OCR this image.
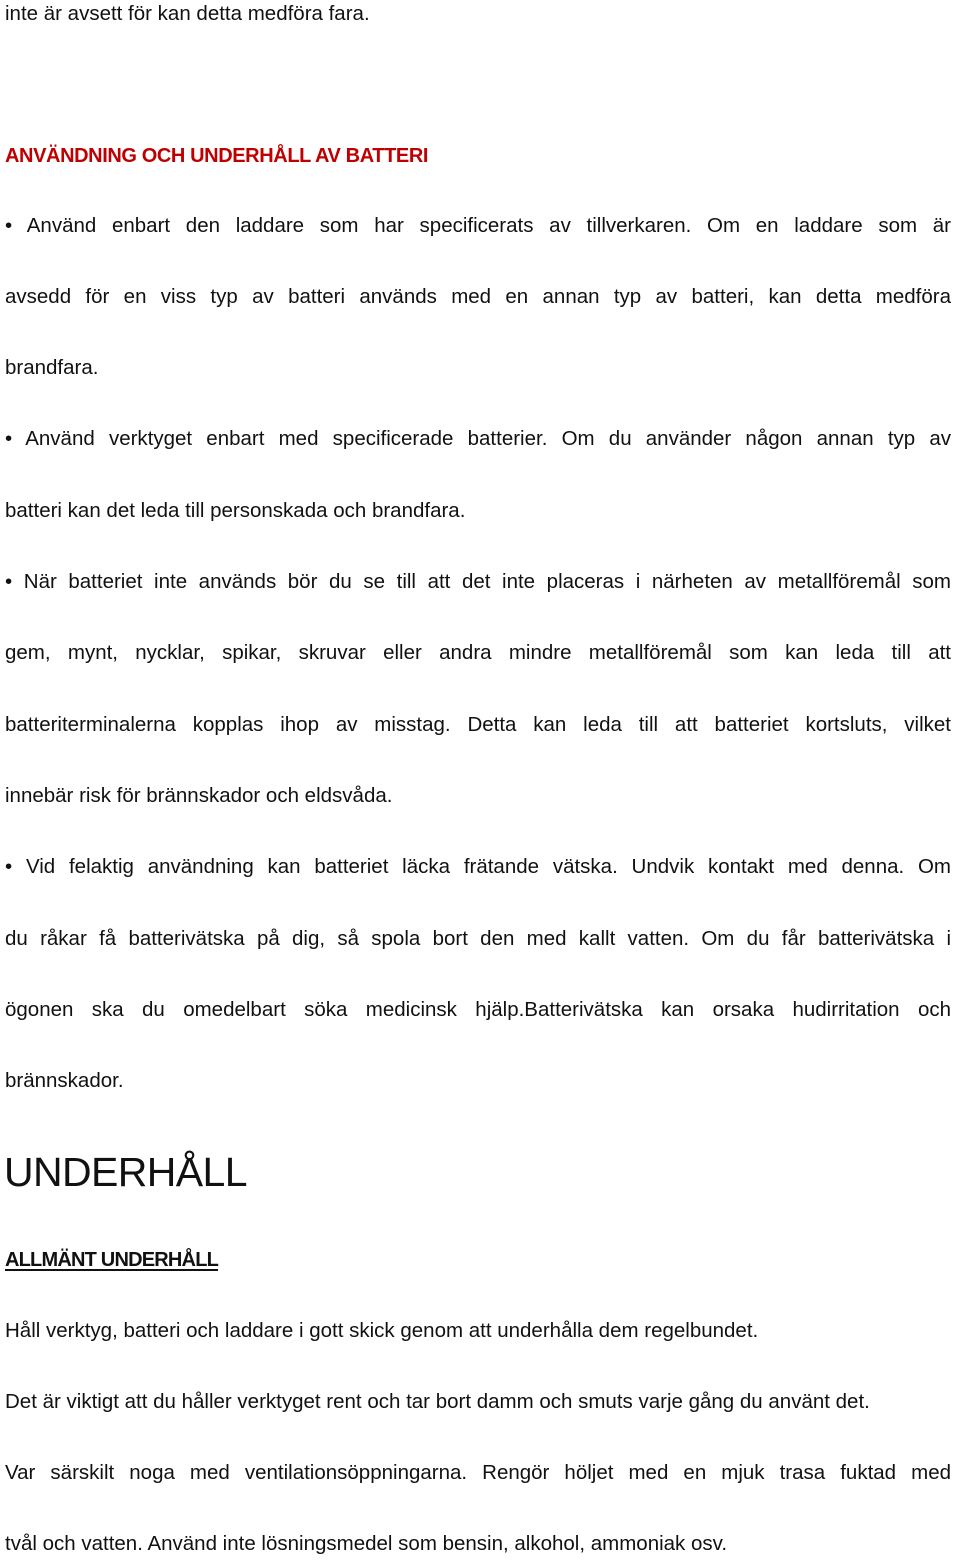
inte är avsett för kan detta medföra fara.
ANVÄNDNING OCH UNDERHÅLL AV BATTERI
• Använd enbart den laddare som har specificerats av tillverkaren. Om en laddare som är
avsedd för en viss typ av batteri används med en annan typ av batteri, kan detta medföra
brandfara.
• Använd verktyget enbart med specificerade batterier. Om du använder någon annan typ av
batteri kan det leda till personskada och brandfara.
• När batteriet inte används bör du se till att det inte placeras i närheten av metallföremål som
gem, mynt, nycklar, spikar, skruvar eller andra mindre metallföremål som kan leda till att
batteriterminalerna kopplas ihop av misstag. Detta kan leda till att batteriet kortsluts, vilket
innebär risk för brännskador och eldsvåda.
• Vid felaktig användning kan batteriet läcka frätande vätska. Undvik kontakt med denna. Om
du råkar få batterivätska på dig, så spola bort den med kallt vatten. Om du får batterivätska i
ögonen ska du omedelbart söka medicinsk hjälp.Batterivätska kan orsaka hudirritation och
brännskador.
UNDERHÅLL
ALLMÄNT UNDERHÅLL
Håll verktyg, batteri och laddare i gott skick genom att underhålla dem regelbundet.
Det är viktigt att du håller verktyget rent och tar bort damm och smuts varje gång du använt det.
Var särskilt noga med ventilationsöppningarna. Rengör höljet med en mjuk trasa fuktad med
tvål och vatten. Använd inte lösningsmedel som bensin, alkohol, ammoniak osv.
